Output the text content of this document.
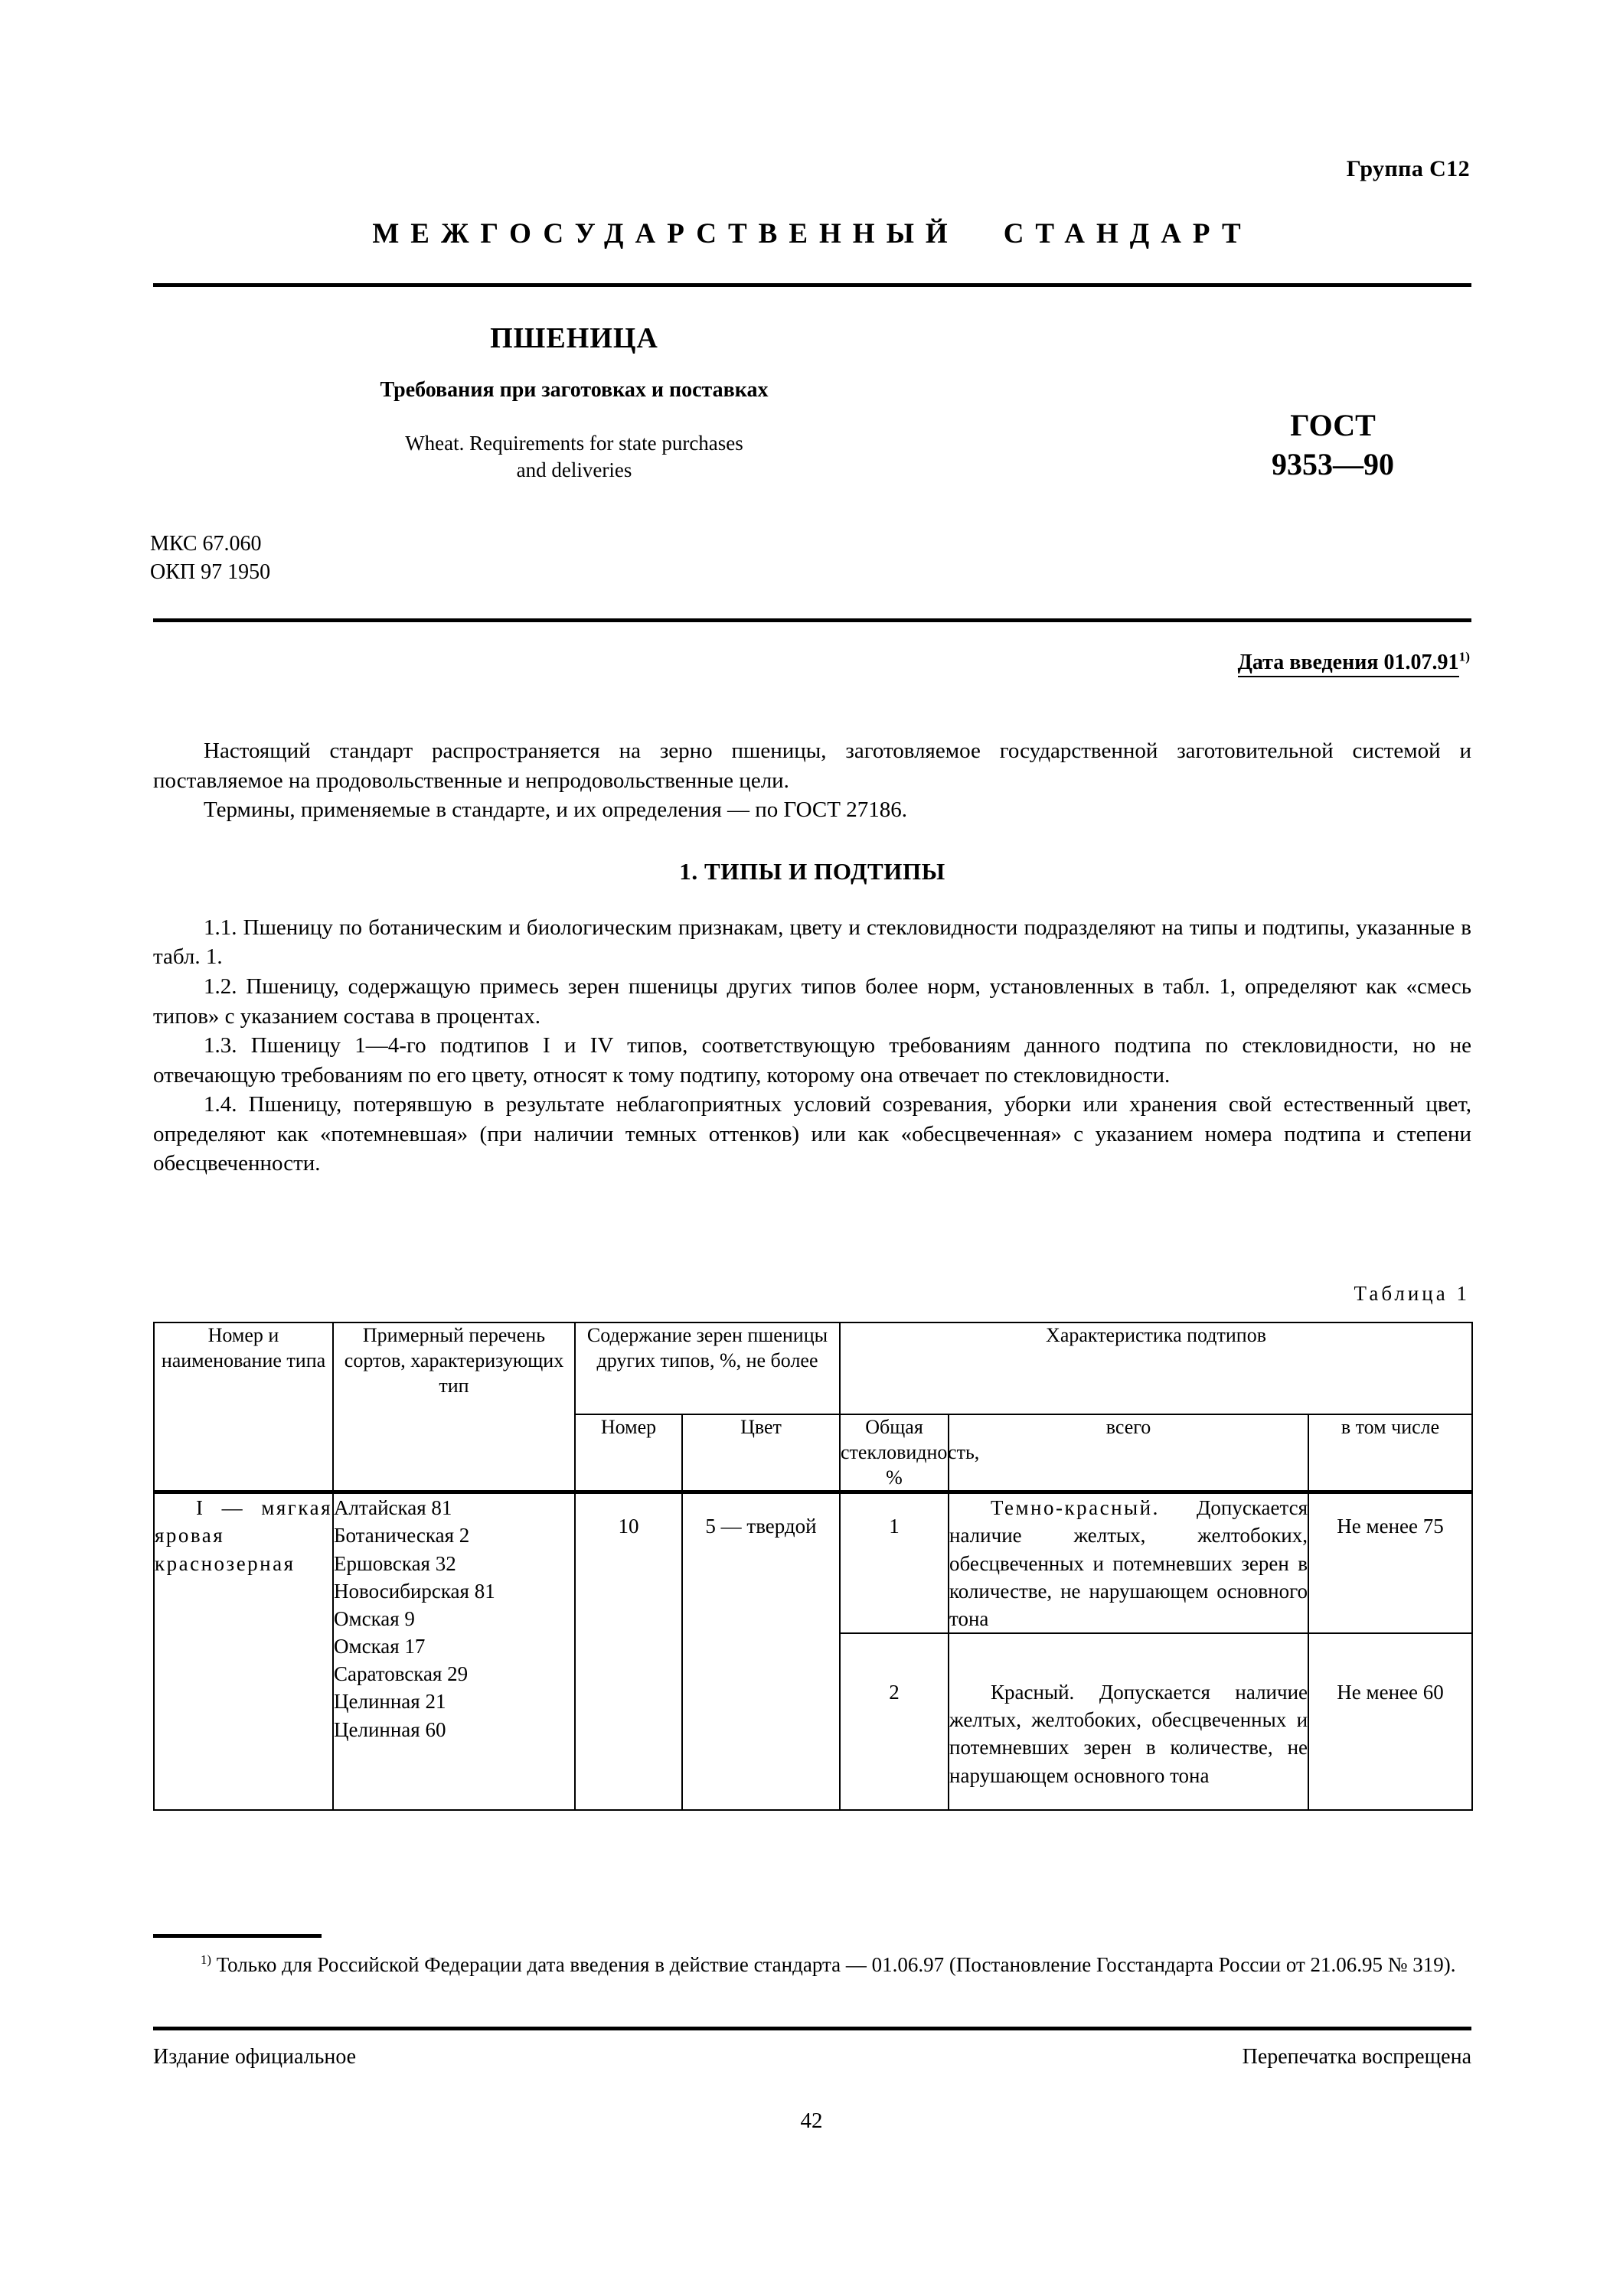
Группа С12
МЕЖГОСУДАРСТВЕННЫЙ СТАНДАРТ
ПШЕНИЦА
Требования при заготовках и поставках
Wheat. Requirements for state purchases
and deliveries
ГОСТ
9353—90
МКС 67.060
ОКП 97 1950
Дата введения 01.07.91$^{1)}$

Настоящий стандарт распространяется на зерно пшеницы, заготовляемое государственной заготовительной системой и поставляемое на продовольственные и непродовольственные цели.

Термины, применяемые в стандарте, и их определения — по ГОСТ 27186.

1. ТИПЫ И ПОДТИПЫ

1.1. Пшеницу по ботаническим и биологическим признакам, цвету и стекловидности подразделяют на типы и подтипы, указанные в табл. 1.

1.2. Пшеницу, содержащую примесь зерен пшеницы других типов более норм, установленных в табл. 1, определяют как «смесь типов» с указанием состава в процентах.

1.3. Пшеницу 1—4-го подтипов I и IV типов, соответствующую требованиям данного подтипа по стекловидности, но не отвечающую требованиям по его цвету, относят к тому подтипу, которому она отвечает по стекловидности.

1.4. Пшеницу, потерявшую в результате неблагоприятных условий созревания, уборки или хранения свой естественный цвет, определяют как «потемневшая» (при наличии темных оттенков) или как «обесцвеченная» с указанием номера подтипа и степени обесцвеченности.

Таблица 1
Номер и наименование типа	Примерный перечень сортов, характеризующих тип	Содержание зерен пшеницы других типов, %, не более		Характеристика подтипов		
		Номер	Цвет	Общая стекловидность, %		
					всего	в том числе
I — мягкая яровая краснозерная	
Алтайская 81
Ботаническая 2
Ершовская 32
Новосибирская 81
Омская 9
Омская 17
Саратовская 29
Целинная 21
Целинная 60
	10	5 — твердой	1	Темно-красный. Допускается наличие желтых, желтобоких, обесцвеченных и потемневших зерен в количестве, не нарушающем основного тона	Не менее 75
				2	Красный. Допускается наличие желтых, желтобоких, обесцвеченных и потемневших зерен в количестве, не нарушающем основного тона	Не менее 60

$^{1)}$ Только для Российской Федерации дата введения в действие стандарта — 01.06.97 (Постановление Госстандарта России от 21.06.95 № 319).

Издание официальное	Перепечатка воспрещена
42
